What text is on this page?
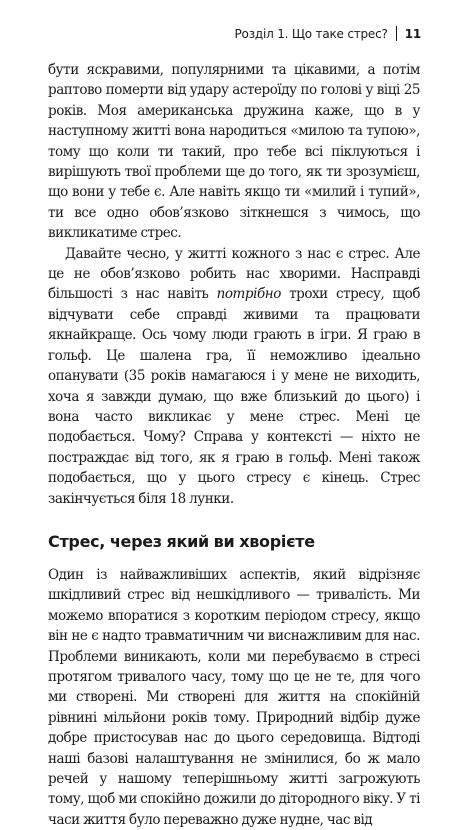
Розділ 1. Що таке стрес? 11

бути яскравими, популярними та цікавими, а потім раптово померти від удару астероїду по голові у віці 25 років. Моя американська дружина каже, що в у наступному житті вона народиться «милою та тупою», тому що коли ти такий, про тебе всі піклуються і вирішують твої проблеми ще до того, як ти зрозумієш, що вони у тебе є. Але навіть якщо ти «милий і тупий», ти все одно обов’язково зіткнешся з чимось, що викликатиме стрес.

Давайте чесно, у житті кожного з нас є стрес. Але це не обов’язково робить нас хворими. Насправді більшості з нас навіть потрібно трохи стресу, щоб відчувати себе справді живими та працювати якнайкраще. Ось чому люди грають в ігри. Я граю в гольф. Це шалена гра, її неможливо ідеально опанувати (35 років намагаюся і у мене не виходить, хоча я завжди думаю, що вже близький до цього) і вона часто викликає у мене стрес. Мені це подобається. Чому? Справа у контексті — ніхто не постраждає від того, як я граю в гольф. Мені також подобається, що у цього стресу є кінець. Стрес закінчується біля 18 лунки.

Стрес, через який ви хворієте

Один із найважливіших аспектів, який відрізняє шкідливий стрес від нешкідливого — тривалість. Ми можемо впоратися з коротким періодом стресу, якщо він не є надто травматичним чи виснажливим для нас. Проблеми виникають, коли ми перебуваємо в стресі протягом тривалого часу, тому що це не те, для чого ми створені. Ми створені для життя на спокійній рівнині мільйони років тому. Природний відбір дуже добре пристосував нас до цього середовища. Відтоді наші базові налаштування не змінилися, бо ж мало речей у нашому теперішньому житті загрожують тому, щоб ми спокійно дожили до дітородного віку. У ті часи життя було переважно дуже нудне, час від
